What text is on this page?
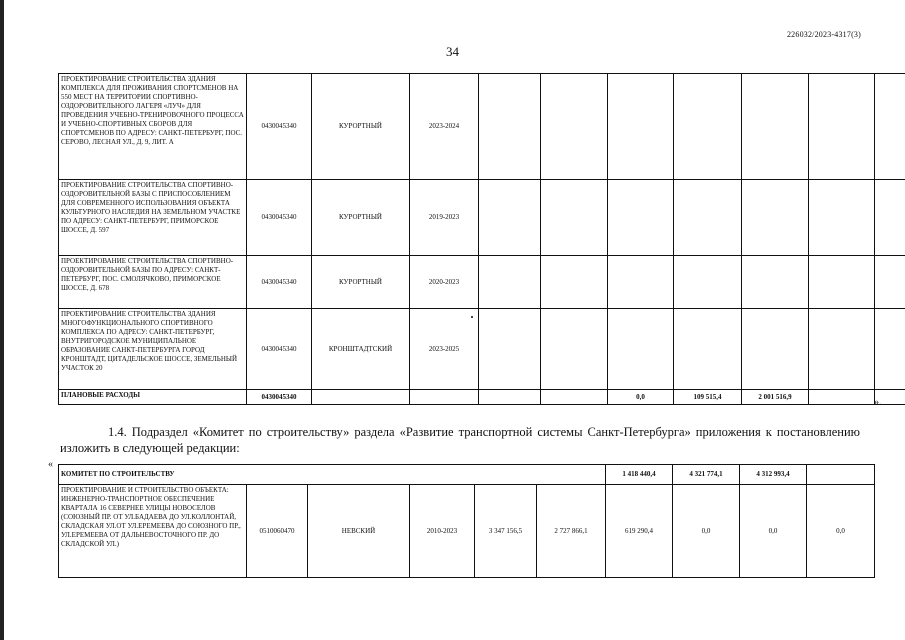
226032/2023-4317(3)
34
ПРОЕКТИРОВАНИЕ СТРОИТЕЛЬСТВА ЗДАНИЯ КОМПЛЕКСА ДЛЯ ПРОЖИВАНИЯ СПОРТСМЕНОВ НА 550 МЕСТ НА ТЕРРИТОРИИ СПОРТИВНО-ОЗДОРОВИТЕЛЬНОГО ЛАГЕРЯ «ЛУЧ» ДЛЯ ПРОВЕДЕНИЯ УЧЕБНО-ТРЕНИРОВОЧНОГО ПРОЦЕССА И УЧЕБНО-СПОРТИВНЫХ СБОРОВ ДЛЯ СПОРТСМЕНОВ ПО АДРЕСУ: САНКТ-ПЕТЕРБУРГ, ПОС. СЕРОВО, ЛЕСНАЯ УЛ., Д. 9, ЛИТ. А	0430045340	КУРОРТНЫЙ	2023-2024							
ПРОЕКТИРОВАНИЕ СТРОИТЕЛЬСТВА СПОРТИВНО-ОЗДОРОВИТЕЛЬНОЙ БАЗЫ С ПРИСПОСОБЛЕНИЕМ ДЛЯ СОВРЕМЕННОГО ИСПОЛЬЗОВАНИЯ ОБЪЕКТА КУЛЬТУРНОГО НАСЛЕДИЯ НА ЗЕМЕЛЬНОМ УЧАСТКЕ ПО АДРЕСУ: САНКТ-ПЕТЕРБУРГ, ПРИМОРСКОЕ ШОССЕ, Д. 597	0430045340	КУРОРТНЫЙ	2019-2023							
ПРОЕКТИРОВАНИЕ СТРОИТЕЛЬСТВА СПОРТИВНО-ОЗДОРОВИТЕЛЬНОЙ БАЗЫ ПО АДРЕСУ: САНКТ-ПЕТЕРБУРГ, ПОС. СМОЛЯЧКОВО, ПРИМОРСКОЕ ШОССЕ, Д. 678	0430045340	КУРОРТНЫЙ	2020-2023							
ПРОЕКТИРОВАНИЕ СТРОИТЕЛЬСТВА ЗДАНИЯ МНОГОФУНКЦИОНАЛЬНОГО СПОРТИВНОГО КОМПЛЕКСА ПО АДРЕСУ: САНКТ-ПЕТЕРБУРГ, ВНУТРИГОРОДСКОЕ МУНИЦИПАЛЬНОЕ ОБРАЗОВАНИЕ САНКТ-ПЕТЕРБУРГА ГОРОД КРОНШТАДТ, ЦИТАДЕЛЬСКОЕ ШОССЕ, ЗЕМЕЛЬНЫЙ УЧАСТОК 20	0430045340	КРОНШТАДТСКИЙ	2023-2025							
ПЛАНОВЫЕ РАСХОДЫ	0430045340					0,0	109 515,4	2 001 516,9		
».
1.4. Подраздел «Комитет по строительству» раздела «Развитие транспортной системы Санкт-Петербурга» приложения к постановлению изложить в следующей редакции:
«
КОМИТЕТ ПО СТРОИТЕЛЬСТВУ						1 418 440,4	4 321 774,1	4 312 993,4	
ПРОЕКТИРОВАНИЕ И СТРОИТЕЛЬСТВО ОБЪЕКТА: ИНЖЕНЕРНО-ТРАНСПОРТНОЕ ОБЕСПЕЧЕНИЕ КВАРТАЛА 16 СЕВЕРНЕЕ УЛИЦЫ НОВОСЕЛОВ (СОЮЗНЫЙ ПР. ОТ УЛ.БАДАЕВА ДО УЛ.КОЛЛОНТАЙ, СКЛАДСКАЯ УЛ.ОТ УЛ.ЕРЕМЕЕВА ДО СОЮЗНОГО ПР., УЛ.ЕРЕМЕЕВА ОТ ДАЛЬНЕВОСТОЧНОГО ПР. ДО СКЛАДСКОЙ УЛ.)	0510060470	НЕВСКИЙ	2010-2023	3 347 156,5	2 727 866,1	619 290,4	0,0	0,0	0,0
